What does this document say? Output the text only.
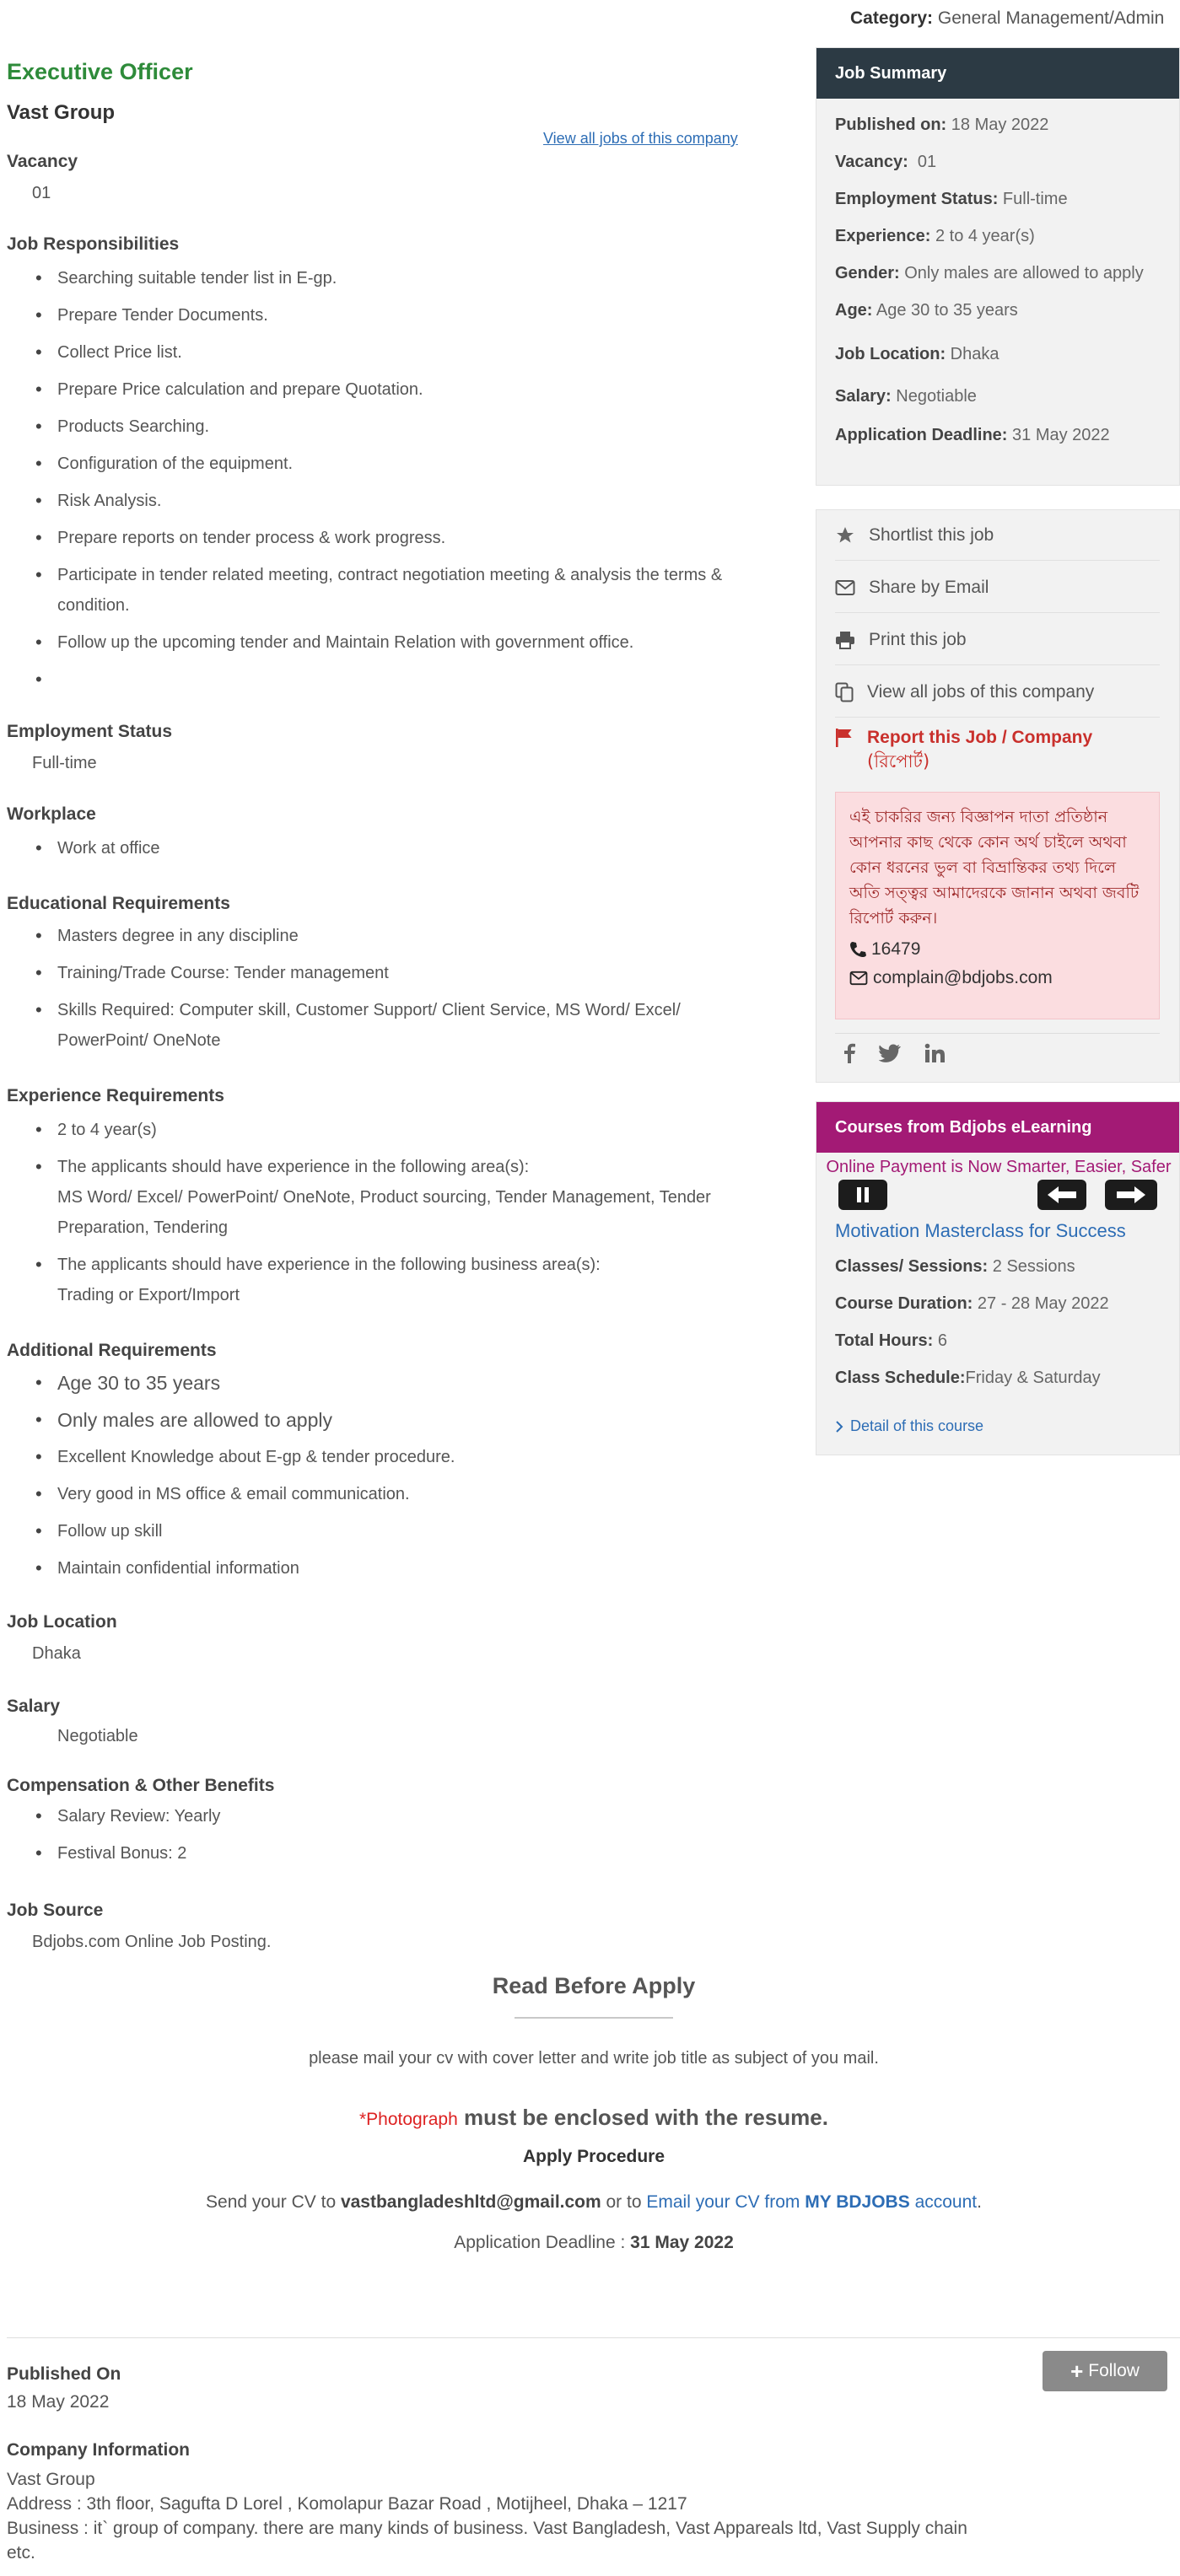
Category: General Management/Admin
Executive Officer
Vast Group
View all jobs of this company
Vacancy
01
Job Responsibilities
• Searching suitable tender list in E-gp.
• Prepare Tender Documents.
• Collect Price list.
• Prepare Price calculation and prepare Quotation.
• Products Searching.
• Configuration of the equipment.
• Risk Analysis.
• Prepare reports on tender process & work progress.
• Participate in tender related meeting, contract negotiation meeting & analysis the terms & condition.
• Follow up the upcoming tender and Maintain Relation with government office.
•
Employment Status
Full-time
Workplace
• Work at office
Educational Requirements
• Masters degree in any discipline
• Training/Trade Course: Tender management
• Skills Required: Computer skill, Customer Support/ Client Service, MS Word/ Excel/ PowerPoint/ OneNote
Experience Requirements
• 2 to 4 year(s)
• The applicants should have experience in the following area(s):
MS Word/ Excel/ PowerPoint/ OneNote, Product sourcing, Tender Management, Tender Preparation, Tendering
• The applicants should have experience in the following business area(s):
Trading or Export/Import
Additional Requirements
• Age 30 to 35 years
• Only males are allowed to apply
• Excellent Knowledge about E-gp & tender procedure.
• Very good in MS office & email communication.
• Follow up skill
• Maintain confidential information
Job Location
Dhaka
Salary
Negotiable
Compensation & Other Benefits
• Salary Review: Yearly
• Festival Bonus: 2
Job Source
Bdjobs.com Online Job Posting.
Read Before Apply
please mail your cv with cover letter and write job title as subject of you mail.
*Photograph must be enclosed with the resume.
Apply Procedure
Send your CV to vastbangladeshltd@gmail.com or to Email your CV from MY BDJOBS account.
Application Deadline : 31 May 2022
+ Follow
Published On
18 May 2022
Company Information
Vast Group
Address : 3th floor, Sagufta D Lorel , Komolapur Bazar Road , Motijheel, Dhaka – 1217
Business : it` group of company. there are many kinds of business. Vast Bangladesh, Vast Appareals ltd, Vast Supply chain etc.
Job Summary
Published on: 18 May 2022
Vacancy: 01
Employment Status: Full-time
Experience: 2 to 4 year(s)
Gender: Only males are allowed to apply
Age: Age 30 to 35 years
Job Location: Dhaka
Salary: Negotiable
Application Deadline: 31 May 2022
Shortlist this job
Share by Email
Print this job
View all jobs of this company
Report this Job / Company
(রিপোর্ট)
এই চাকরির জন্য বিজ্ঞাপন দাতা প্রতিষ্ঠান আপনার কাছ থেকে কোন অর্থ চাইলে অথবা কোন ধরনের ভুল বা বিভ্রান্তিকর তথ্য দিলে অতি সত্ত্বর আমাদেরকে জানান অথবা জবটি রিপোর্ট করুন।
16479
complain@bdjobs.com
Courses from Bdjobs eLearning
Online Payment is Now Smarter, Easier, Safer
Motivation Masterclass for Success
Classes/ Sessions: 2 Sessions
Course Duration: 27 - 28 May 2022
Total Hours: 6
Class Schedule:Friday & Saturday
Detail of this course
